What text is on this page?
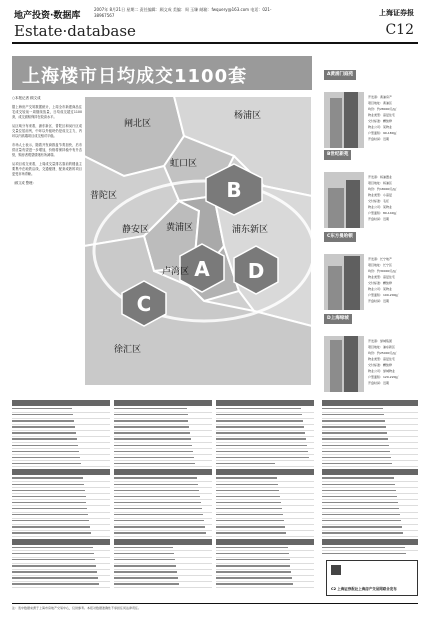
地产投资·数据库
2007年 8月21日 星期二 责任编辑：顾文成 美编：周 玉臻 邮箱：fwquery@163.com 电话：021-38967567	上海证券报
Estate·database	C12
上海楼市日均成交1100套
○本报记者 顾文成

据上海房产交易数据统计，上周全市新建商品住宅成交较前一周继续放量，日均成交超过1100套，成交面积保持在较高水平。

从区域分布来看，浦东新区、普陀区和闵行区成交量位居前列，中环以外板块仍是成交主力，内环以内高端项目成交相对平稳。

市场人士表示，随着开发商推盘节奏加快，后市供应量有望进一步增加，价格将保持稳中有升态势，购房者观望情绪有所减弱。

从项目成交来看，上周成交量排名靠前的楼盘主要集中在地铁沿线，交通便捷、配套成熟的项目更受市场青睐。

（顾文成 整理）	B
A
C
D
闸北区
杨浦区
虹口区
普陀区
静安区 黄浦区
卢湾区
浦东新区
徐汇区
A黄浦门庭苑
开发商：黄浦房产
项目地址：黄浦区
均价：约28000元/㎡
物业类型：高层住宅
交付标准：精装修
物业公司：某物业
户型面积：90-180㎡
开盘时间：近期
B世纪新苑
开发商：杨浦置业
项目地址：杨浦区
均价：约18000元/㎡
物业类型：小高层
交付标准：毛坯
物业公司：某物业
户型面积：80-140㎡
开盘时间：近期
C东方曼哈顿
开发商：长宁地产
项目地址：长宁区
均价：约30000元/㎡
物业类型：高层住宅
交付标准：精装修
物业公司：某物业
户型面积：100-200㎡
开盘时间：近期
D上海绿城
开发商：绿城集团
项目地址：浦东新区
均价：约25000元/㎡
物业类型：高层住宅
交付标准：精装修
物业公司：绿城物业
户型面积：120-220㎡
开盘时间：近期
C2 上海证券报社上海房产交易网联合发布
注：表中数据来源于上海市房地产交易中心，仅供参考。本报对数据准确性不承担任何法律责任。
